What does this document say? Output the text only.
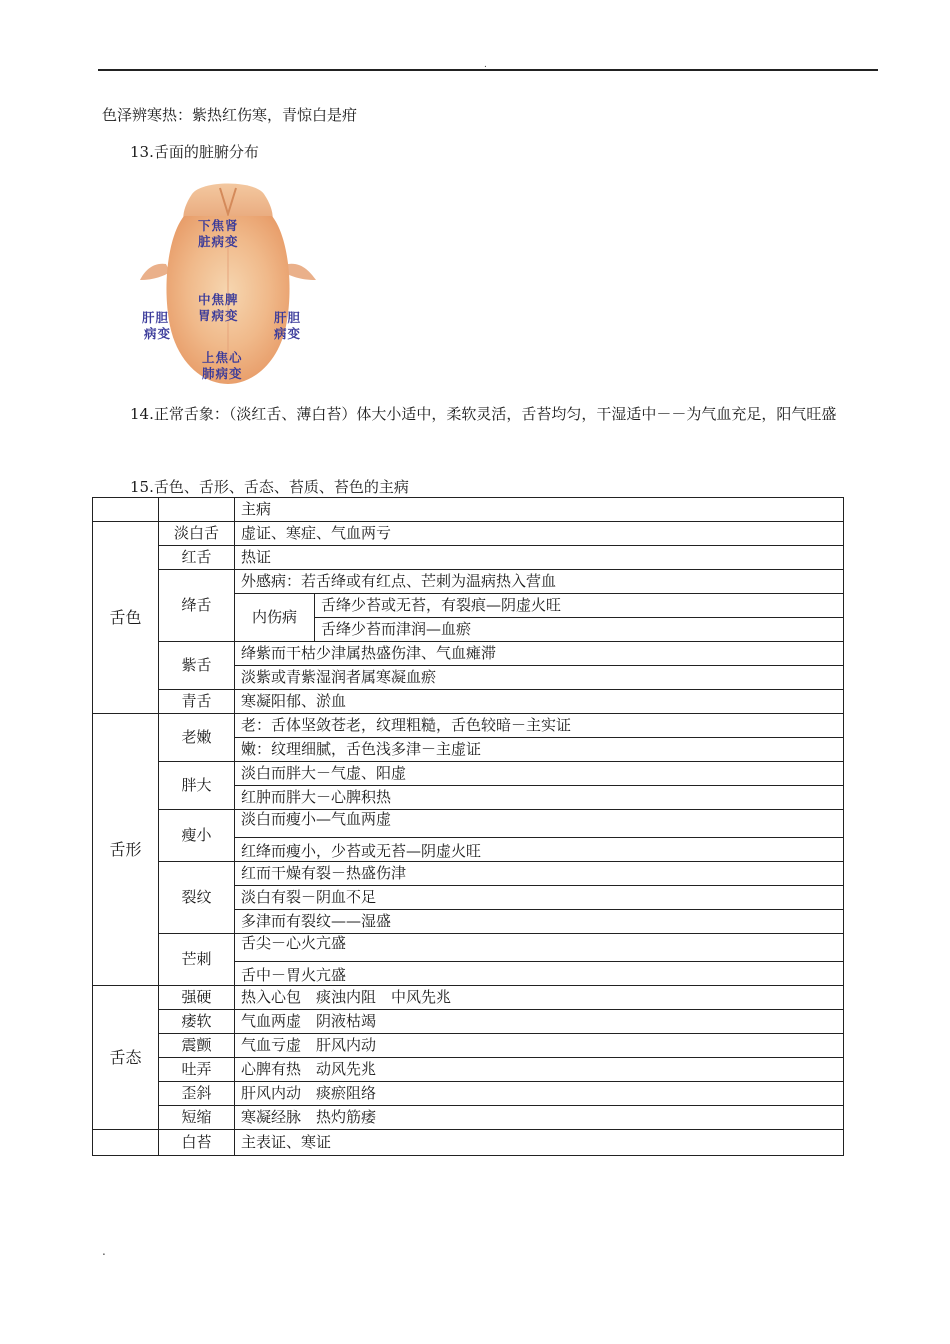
.
色泽辨寒热：紫热红伤寒，青惊白是疳
13.舌面的脏腑分布
下焦肾
脏病变
中焦脾
胃病变
肝胆
病变
肝胆
病变
上焦心
肺病变
14.正常舌象：（淡红舌、薄白苔）体大小适中，柔软灵活，舌苔均匀，干湿适中－－为气血充足，阳气旺盛
15.舌色、舌形、舌态、苔质、苔色的主病
		主病	
舌色	淡白舌	虚证、寒症、气血两亏	
	红舌	热证	
	绛舌	外感病：若舌绛或有红点、芒刺为温病热入营血	
		内伤病	舌绛少苔或无苔，有裂痕—阴虚火旺
			舌绛少苔而津润—血瘀
	紫舌	绛紫而干枯少津属热盛伤津、气血瘫滞	
		淡紫或青紫湿润者属寒凝血瘀	
	青舌	寒凝阳郁、淤血	
舌形	老嫩	老：舌体坚敛苍老，纹理粗糙，舌色较暗－主实证	
		嫩：纹理细腻，舌色浅多津－主虚证	
	胖大	淡白而胖大－气虚、阳虚	
		红肿而胖大－心脾积热	
	瘦小	淡白而瘦小—气血两虚	
		红绛而瘦小，少苔或无苔—阴虚火旺	
	裂纹	红而干燥有裂－热盛伤津	
		淡白有裂－阴血不足	
		多津而有裂纹——湿盛	
	芒刺	舌尖－心火亢盛	
		舌中－胃火亢盛	
舌态	强硬	热入心包　痰浊内阻　中风先兆	
	痿软	气血两虚　阴液枯竭	
	震颤	气血亏虚　肝风内动	
	吐弄	心脾有热　动风先兆	
	歪斜	肝风内动　痰瘀阻络	
	短缩	寒凝经脉　热灼筋痿	
	白苔	主表证、寒证	
.
